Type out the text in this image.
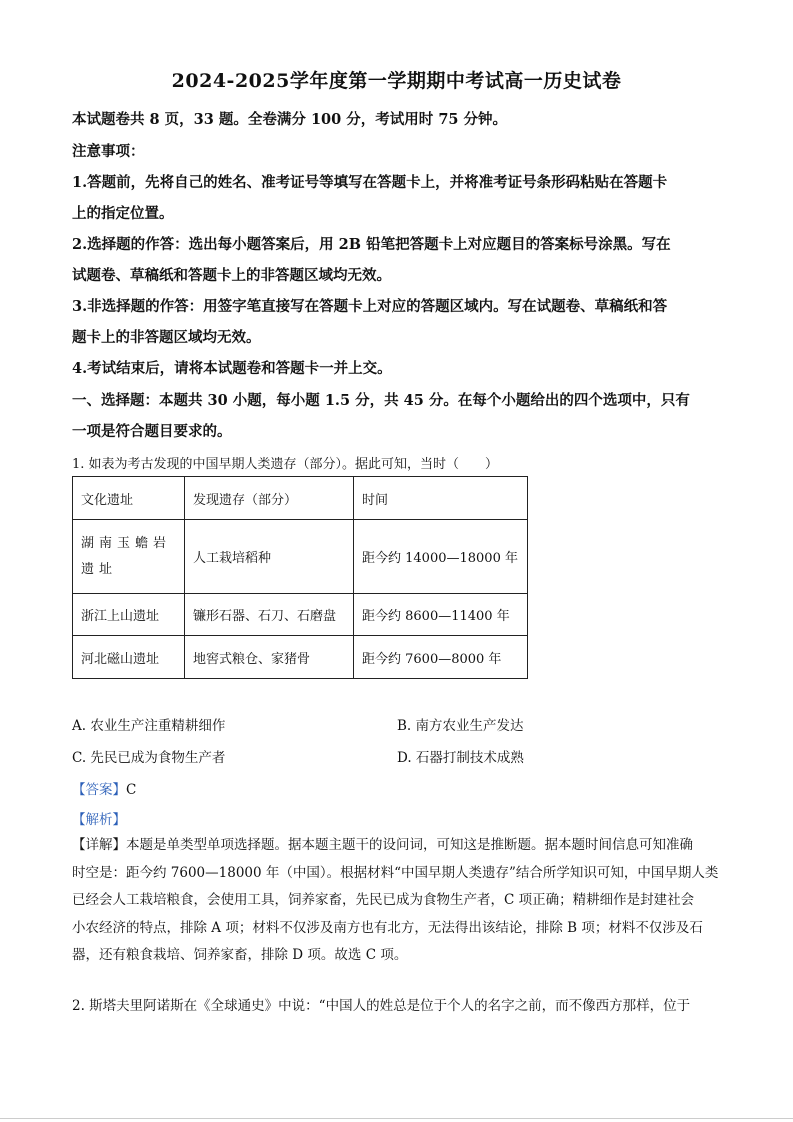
2024-2025学年度第一学期期中考试高一历史试卷
本试题卷共 8 页，33 题。全卷满分 100 分，考试用时 75 分钟。
注意事项：
1.答题前，先将自己的姓名、准考证号等填写在答题卡上，并将准考证号条形码粘贴在答题卡
上的指定位置。
2.选择题的作答：选出每小题答案后，用 2B 铅笔把答题卡上对应题目的答案标号涂黑。写在
试题卷、草稿纸和答题卡上的非答题区域均无效。
3.非选择题的作答：用签字笔直接写在答题卡上对应的答题区域内。写在试题卷、草稿纸和答
题卡上的非答题区域均无效。
4.考试结束后，请将本试题卷和答题卡一并上交。
一、选择题：本题共 30 小题，每小题 1.5 分，共 45 分。在每个小题给出的四个选项中，只有
一项是符合题目要求的。
1. 如表为考古发现的中国早期人类遗存（部分）。据此可知，当时（　　）
文化遗址	发现遗存（部分）	时间
湖南玉蟾岩遗址	人工栽培稻种	距今约 14000—18000 年
浙江上山遗址	镰形石器、石刀、石磨盘	距今约 8600—11400 年
河北磁山遗址	地窖式粮仓、家猪骨	距今约 7600—8000 年
A. 农业生产注重精耕细作	B. 南方农业生产发达
C. 先民已成为食物生产者	D. 石器打制技术成熟
【答案】C
【解析】
【详解】本题是单类型单项选择题。据本题主题干的设问词，可知这是推断题。据本题时间信息可知准确
时空是：距今约 7600—18000 年（中国）。根据材料“中国早期人类遗存”结合所学知识可知，中国早期人类
已经会人工栽培粮食，会使用工具，饲养家畜，先民已成为食物生产者，C 项正确；精耕细作是封建社会
小农经济的特点，排除 A 项；材料不仅涉及南方也有北方，无法得出该结论，排除 B 项；材料不仅涉及石
器，还有粮食栽培、饲养家畜，排除 D 项。故选 C 项。
2. 斯塔夫里阿诺斯在《全球通史》中说：“中国人的姓总是位于个人的名字之前，而不像西方那样，位于
